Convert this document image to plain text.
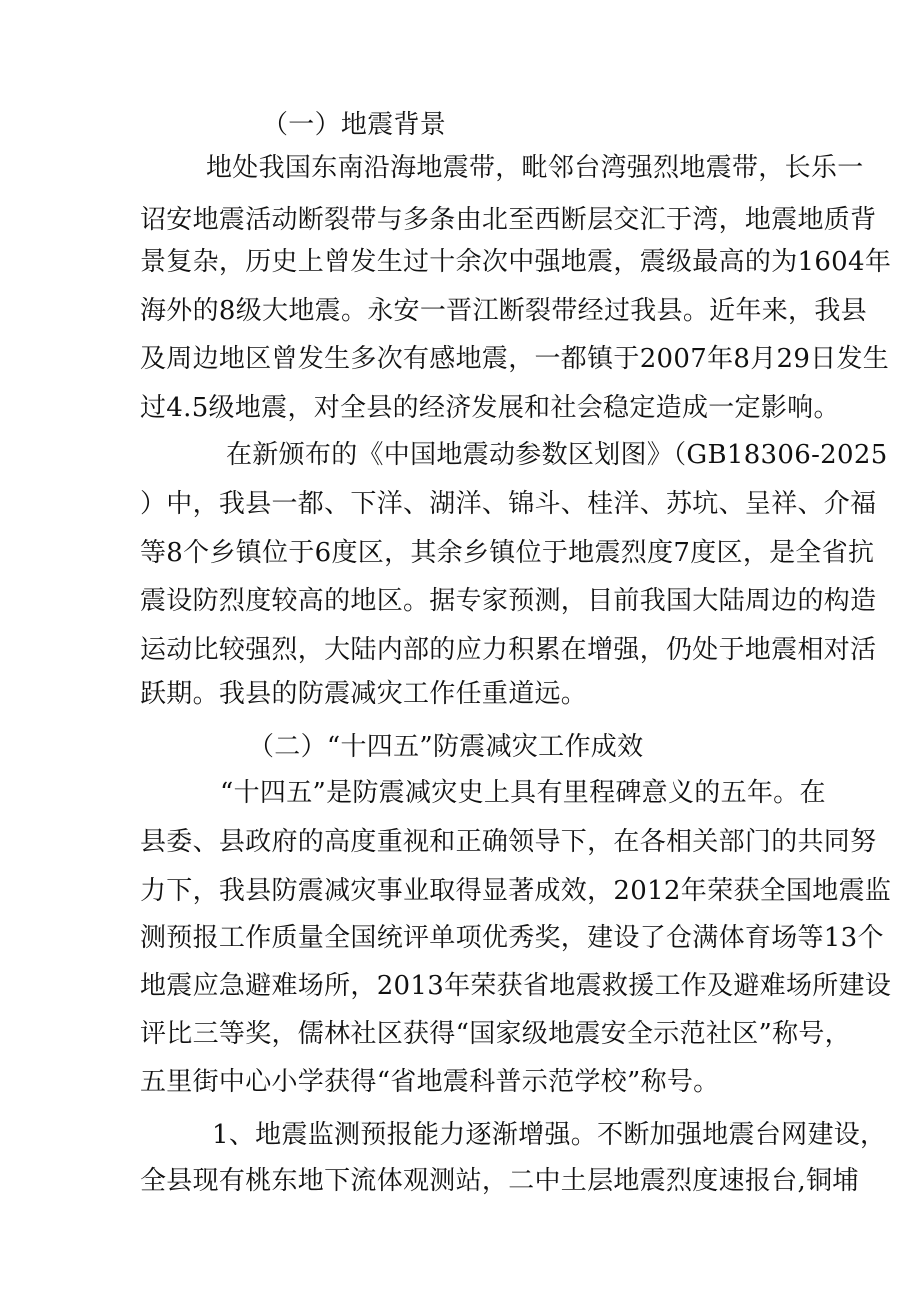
（一）地震背景
地处我国东南沿海地震带，毗邻台湾强烈地震带，长乐一
诏安地震活动断裂带与多条由北至西断层交汇于湾，地震地质背
景复杂，历史上曾发生过十余次中强地震，震级最高的为1604年
海外的8级大地震。永安一晋江断裂带经过我县。近年来，我县
及周边地区曾发生多次有感地震，一都镇于2007年8月29日发生
过4.5级地震，对全县的经济发展和社会稳定造成一定影响。
在新颁布的《中国地震动参数区划图》（GB18306-2025
）中，我县一都、下洋、湖洋、锦斗、桂洋、苏坑、呈祥、介福
等8个乡镇位于6度区，其余乡镇位于地震烈度7度区，是全省抗
震设防烈度较高的地区。据专家预测，目前我国大陆周边的构造
运动比较强烈，大陆内部的应力积累在增强，仍处于地震相对活
跃期。我县的防震减灾工作任重道远。
（二）“十四五”防震减灾工作成效
“十四五”是防震减灾史上具有里程碑意义的五年。在
县委、县政府的高度重视和正确领导下，在各相关部门的共同努
力下，我县防震减灾事业取得显著成效，2012年荣获全国地震监
测预报工作质量全国统评单项优秀奖，建设了仓满体育场等13个
地震应急避难场所，2013年荣获省地震救援工作及避难场所建设
评比三等奖，儒林社区获得“国家级地震安全示范社区”称号，
五里街中心小学获得“省地震科普示范学校”称号。
1、地震监测预报能力逐渐增强。不断加强地震台网建设，
全县现有桃东地下流体观测站，二中土层地震烈度速报台,铜埔
